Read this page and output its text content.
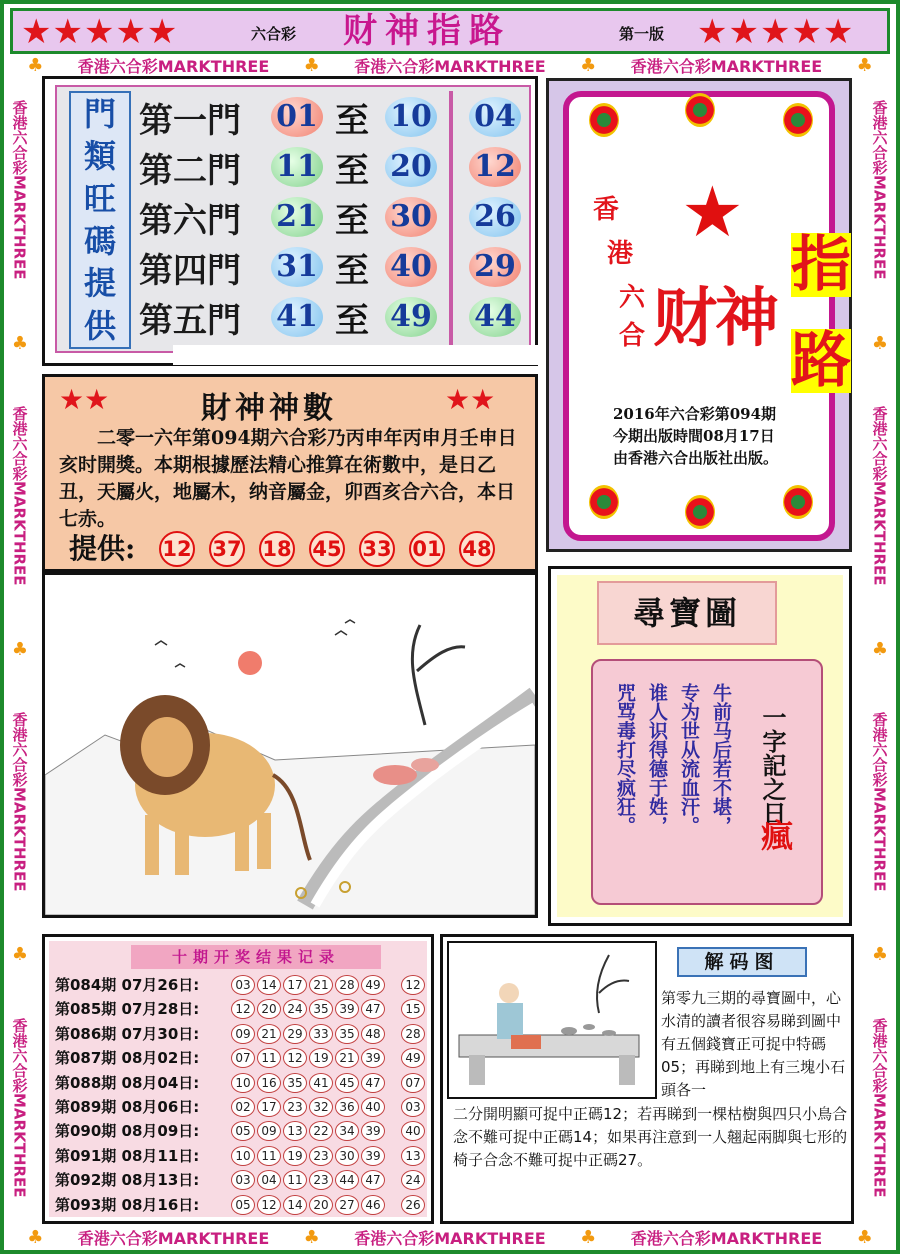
★★★★★	六合彩 财神指路	第一版 ★★★★★
♣ 香港六合彩MARKTHREE ♣ 香港六合彩MARKTHREE ♣ 香港六合彩MARKTHREE ♣
♣ 香港六合彩MARKTHREE ♣ 香港六合彩MARKTHREE ♣ 香港六合彩MARKTHREE ♣
香港六合彩MARKTHREE
♣
香港六合彩MARKTHREE
♣
香港六合彩MARKTHREE
♣
香港六合彩MARKTHREE
香港六合彩MARKTHREE
♣
香港六合彩MARKTHREE
♣
香港六合彩MARKTHREE
♣
香港六合彩MARKTHREE
門
類
旺
碼
提
供
第一門 01 至 10 04
第二門 11 至 20 12
第六門 21 至 30 26
第四門 31 至 40 29
第五門 41 至 49 44
★
香
港
六
合 财神
指
路
2016年六合彩第094期
今期出版時間08月17日
由香港六合出版社出版。
★★	財神神數	★★
二零一六年第094期六合彩乃丙申年丙申月壬申日亥时開獎。本期根據歷法精心推算在術數中，是日乙丑，天屬火，地屬木，纳音屬金，卯酉亥合六合，本日七赤。
提供: 12 37 18 45 33 01 48
尋寶圖
咒骂毒打尽疯狂。 谁人识得德于姓， 专为世从流血汗。 牛前马后若不堪， 一字記之日
瘋
十期开奖结果记录
第084期 07月26日:	03 14 17 21 28 49	12
第085期 07月28日:	12 20 24 35 39 47	15
第086期 07月30日:	09 21 29 33 35 48	28
第087期 08月02日:	07 11 12 19 21 39	49
第088期 08月04日:	10 16 35 41 45 47	07
第089期 08月06日:	02 17 23 32 36 40	03
第090期 08月09日:	05 09 13 22 34 39	40
第091期 08月11日:	10 11 19 23 30 39	13
第092期 08月13日:	03 04 11 23 44 47	24
第093期 08月16日:	05 12 14 20 27 46	26
解码图
第零九三期的尋寶圖中，心水清的讀者很容易睇到圖中有五個錢寶正可捉中特碼05；再睇到地上有三塊小石頭各一
二分開明顯可捉中正碼12；若再睇到一棵枯樹與四只小鳥合念不難可捉中正碼14；如果再注意到一人翹起兩脚與七形的椅子合念不難可捉中正碼27。
